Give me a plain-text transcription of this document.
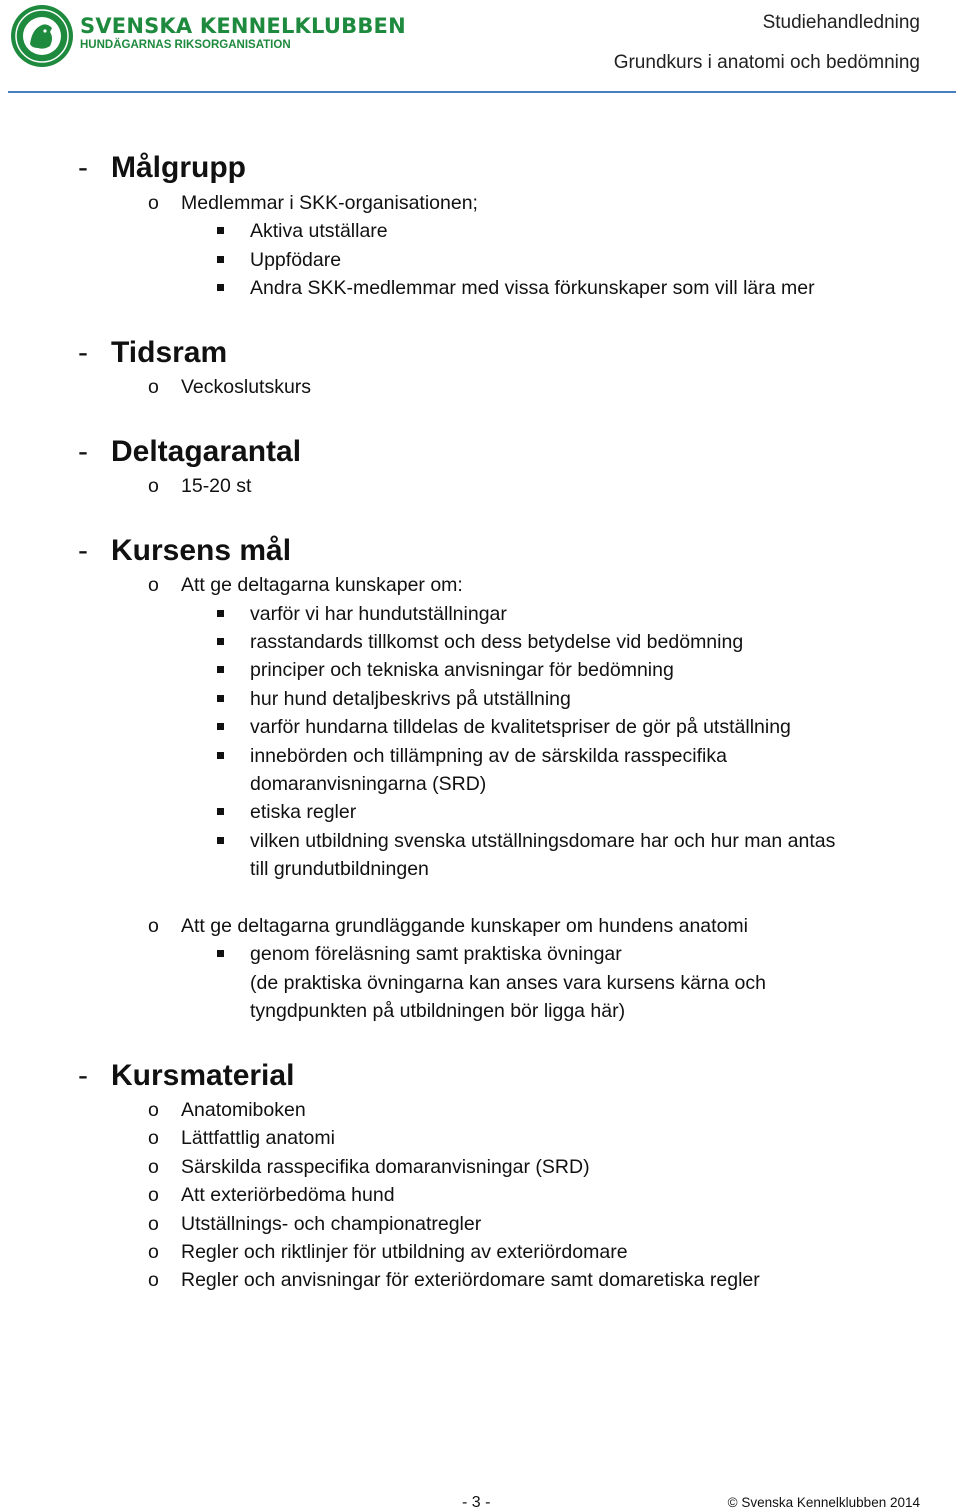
SVENSKA KENNELKLUBBEN
HUNDÄGARNAS RIKSORGANISATION
Studiehandledning
Grundkurs i anatomi och bedömning
- Målgrupp
o Medlemmar i SKK-organisationen;
Aktiva utställare
Uppfödare
Andra SKK-medlemmar med vissa förkunskaper som vill lära mer
- Tidsram
o Veckoslutskurs
- Deltagarantal
o 15-20 st
- Kursens mål
o Att ge deltagarna kunskaper om:
varför vi har hundutställningar
rasstandards tillkomst och dess betydelse vid bedömning
principer och tekniska anvisningar för bedömning
hur hund detaljbeskrivs på utställning
varför hundarna tilldelas de kvalitetspriser de gör på utställning
innebörden och tillämpning av de särskilda rasspecifika
domaranvisningarna (SRD)
etiska regler
vilken utbildning svenska utställningsdomare har och hur man antas
till grundutbildningen
o Att ge deltagarna grundläggande kunskaper om hundens anatomi
genom föreläsning samt praktiska övningar
(de praktiska övningarna kan anses vara kursens kärna och
tyngdpunkten på utbildningen bör ligga här)
- Kursmaterial
o Anatomiboken
o Lättfattlig anatomi
o Särskilda rasspecifika domaranvisningar (SRD)
o Att exteriörbedöma hund
o Utställnings- och championatregler
o Regler och riktlinjer för utbildning av exteriördomare
o Regler och anvisningar för exteriördomare samt domaretiska regler
- 3 -	© Svenska Kennelklubben 2014
